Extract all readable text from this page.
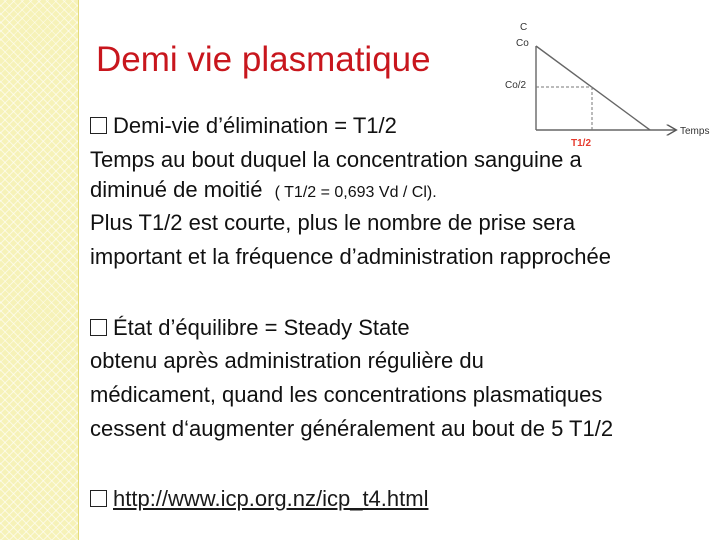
Demi vie plasmatique
C
Co
Co/2
Temps
T1/2
Demi-vie d’élimination = T1/2
Temps au bout duquel la concentration sanguine a
diminué de moitié ( T1/2 = 0,693 Vd / Cl).
Plus T1/2 est courte, plus le nombre de prise sera
important et la fréquence d’administration rapprochée
État d’équilibre = Steady State
obtenu après administration régulière du
médicament, quand les concentrations plasmatiques
cessent d‘augmenter généralement au bout de 5 T1/2
http://www.icp.org.nz/icp_t4.html
